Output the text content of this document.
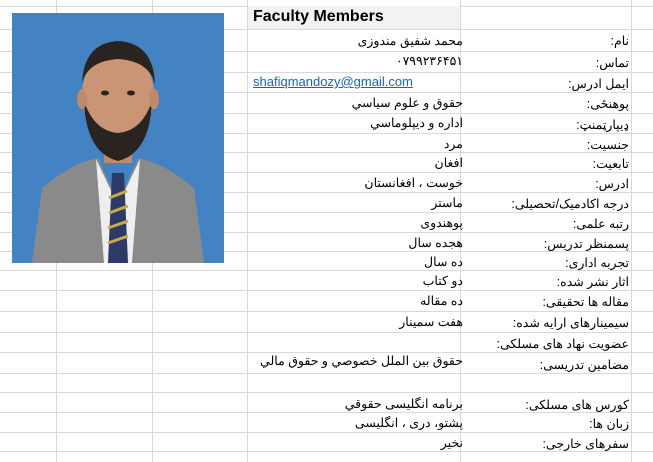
Faculty Members
نام:
محمد شفیق مندوزی
تماس:
۰۷۹۹۲۳۶۴۵۱
ایمل ادرس:
shafiqmandozy@gmail.com
پوهنځی:
حقوق و علوم سیاسي
ډیپارټمنټ:
اداره و ديپلوماسي
جنسیت:
مرد
تابعیت:
افغان
ادرس:
خوست ، افغانستان
درجه اکادمیک/تحصیلی:
ماستر
رتبه علمی:
پوهندوی
پسمنظر تدریس:
هجده سال
تجربه اداری:
ده سال
اثار نشر شده:
دو کتاب
مقاله ها تحقیقی:
ده مقاله
سیمینارهای ارایه شده:
هفت سمینار
عضویت نهاد های مسلکی:
مضامین تدریسی:
حقوق بین الملل خصوصي و حقوق مالي
کورس های مسلکی:
برنامه انگلیسی حقوقي
زبان ها:
پشتو، دری ، انگلیسی
سفرهای خارجی:
نخیر
